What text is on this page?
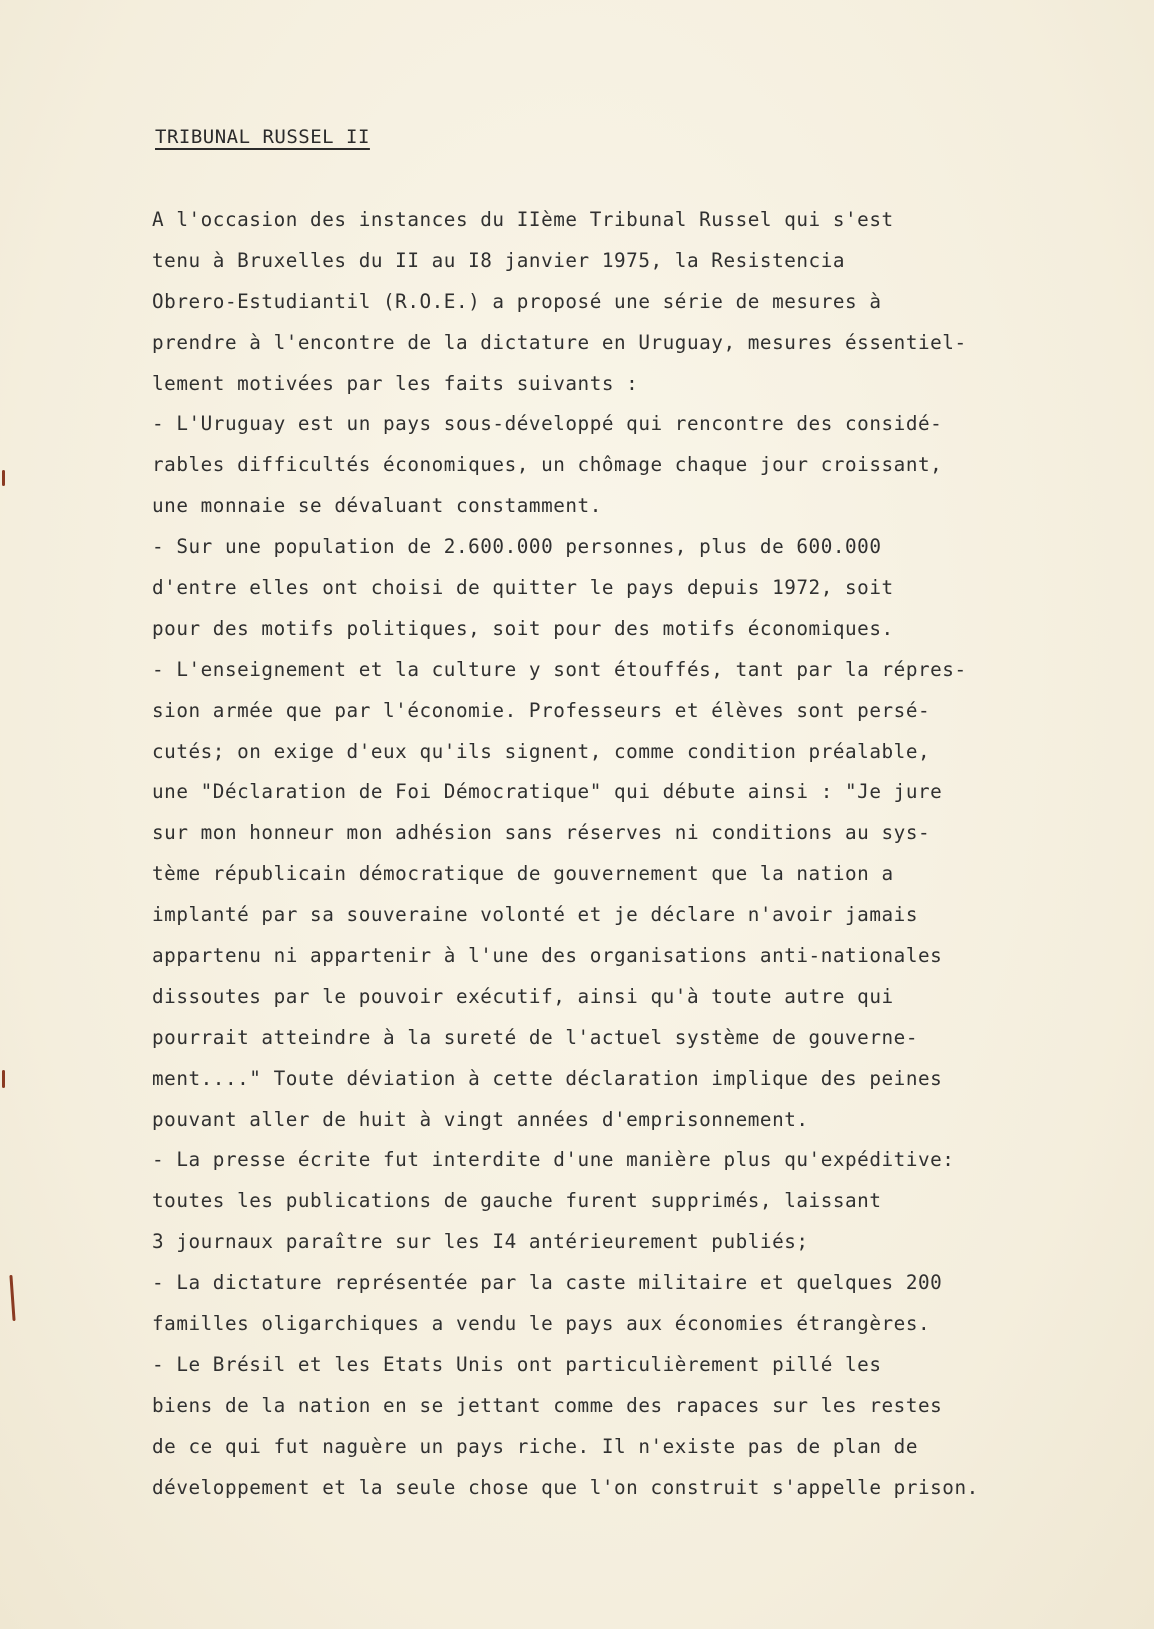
TRIBUNAL RUSSEL II
A l'occasion des instances du IIème Tribunal Russel qui s'est
tenu à Bruxelles du II au I8 janvier 1975, la Resistencia
Obrero-Estudiantil (R.O.E.) a proposé une série de mesures à
prendre à l'encontre de la dictature en Uruguay, mesures éssentiel-
lement motivées par les faits suivants :
- L'Uruguay est un pays sous-développé qui rencontre des considé-
rables difficultés économiques, un chômage chaque jour croissant,
une monnaie se dévaluant constamment.
- Sur une population de 2.600.000 personnes, plus de 600.000
d'entre elles ont choisi de quitter le pays depuis 1972, soit
pour des motifs politiques, soit pour des motifs économiques.
- L'enseignement et la culture y sont étouffés, tant par la répres-
sion armée que par l'économie. Professeurs et élèves sont persé-
cutés; on exige d'eux qu'ils signent, comme condition préalable,
une "Déclaration de Foi Démocratique" qui débute ainsi : "Je jure
sur mon honneur mon adhésion sans réserves ni conditions au sys-
tème républicain démocratique de gouvernement que la nation a
implanté par sa souveraine volonté et je déclare n'avoir jamais
appartenu ni appartenir à l'une des organisations anti-nationales
dissoutes par le pouvoir exécutif, ainsi qu'à toute autre qui
pourrait atteindre à la sureté de l'actuel système de gouverne-
ment...." Toute déviation à cette déclaration implique des peines
pouvant aller de huit à vingt années d'emprisonnement.
- La presse écrite fut interdite d'une manière plus qu'expéditive:
toutes les publications de gauche furent supprimés, laissant
3 journaux paraître sur les I4 antérieurement publiés;
- La dictature représentée par la caste militaire et quelques 200
familles oligarchiques a vendu le pays aux économies étrangères.
- Le Brésil et les Etats Unis ont particulièrement pillé les
biens de la nation en se jettant comme des rapaces sur les restes
de ce qui fut naguère un pays riche. Il n'existe pas de plan de
développement et la seule chose que l'on construit s'appelle prison.
